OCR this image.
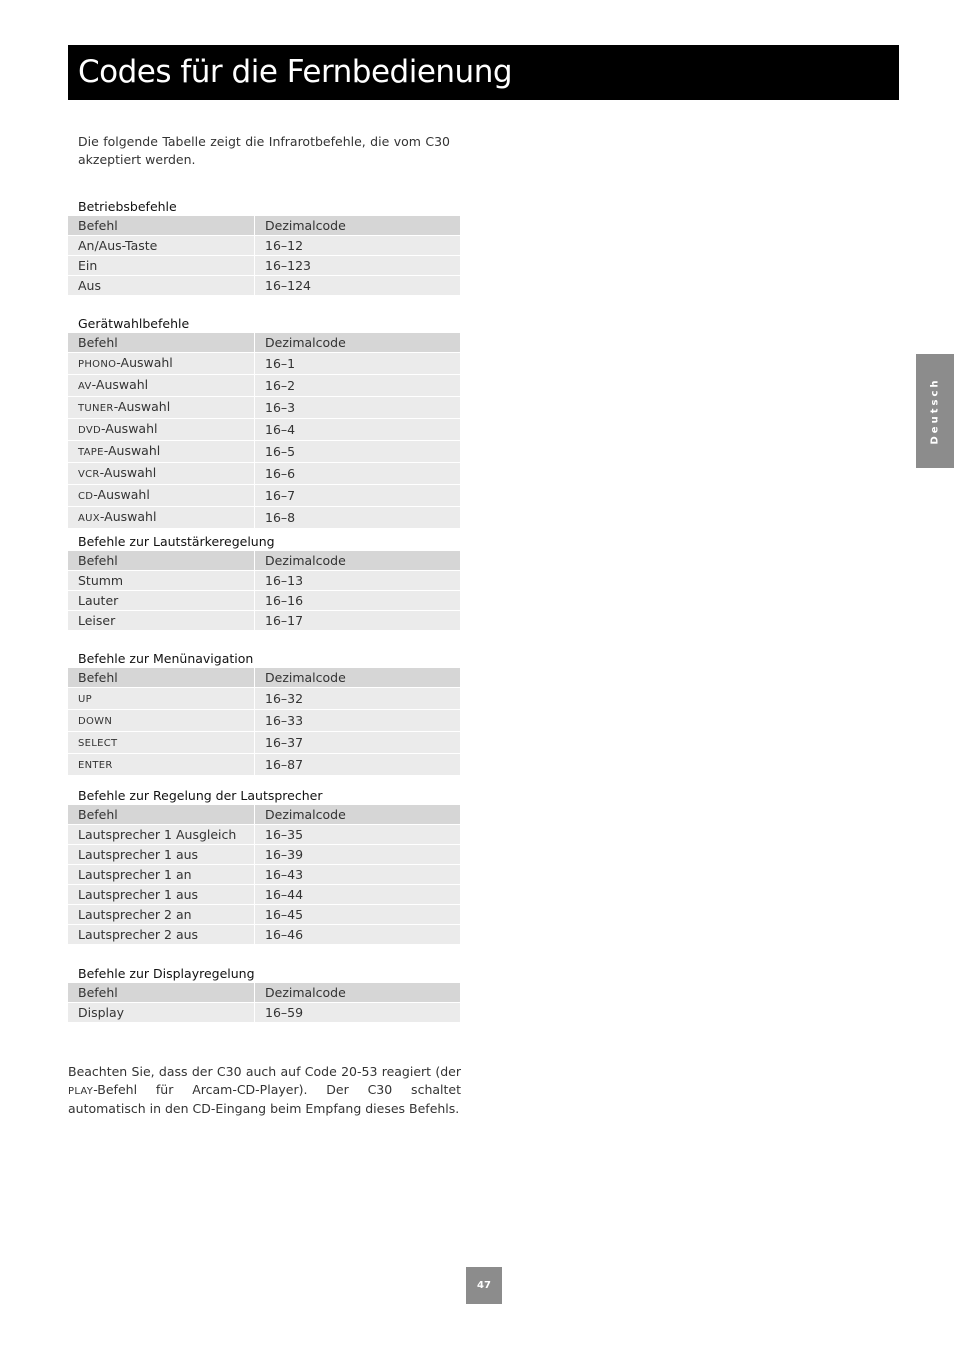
Codes für die Fernbedienung

Die folgende Tabelle zeigt die Infrarotbefehle, die vom C30 akzeptiert werden.

Betriebsbefehle
Befehl	Dezimalcode
An/Aus-Taste	16–12
Ein	16–123
Aus	16–124
Gerätwahlbefehle
Befehl	Dezimalcode
PHONO-Auswahl	16–1
AV-Auswahl	16–2
TUNER-Auswahl	16–3
DVD-Auswahl	16–4
TAPE-Auswahl	16–5
VCR-Auswahl	16–6
CD-Auswahl	16–7
AUX-Auswahl	16–8
Befehle zur Lautstärkeregelung
Befehl	Dezimalcode
Stumm	16–13
Lauter	16–16
Leiser	16–17
Befehle zur Menünavigation
Befehl	Dezimalcode
UP	16–32
DOWN	16–33
SELECT	16–37
ENTER	16–87
Befehle zur Regelung der Lautsprecher
Befehl	Dezimalcode
Lautsprecher 1 Ausgleich	16–35
Lautsprecher 1 aus	16–39
Lautsprecher 1 an	16–43
Lautsprecher 1 aus	16–44
Lautsprecher 2 an	16–45
Lautsprecher 2 aus	16–46
Befehle zur Displayregelung
Befehl	Dezimalcode
Display	16–59

Beachten Sie, dass der C30 auch auf Code 20-53 reagiert (der PLAY-Befehl für Arcam-CD-Player). Der C30 schaltet automatisch in den CD-Eingang beim Empfang dieses Befehls.

Deutsch
47
